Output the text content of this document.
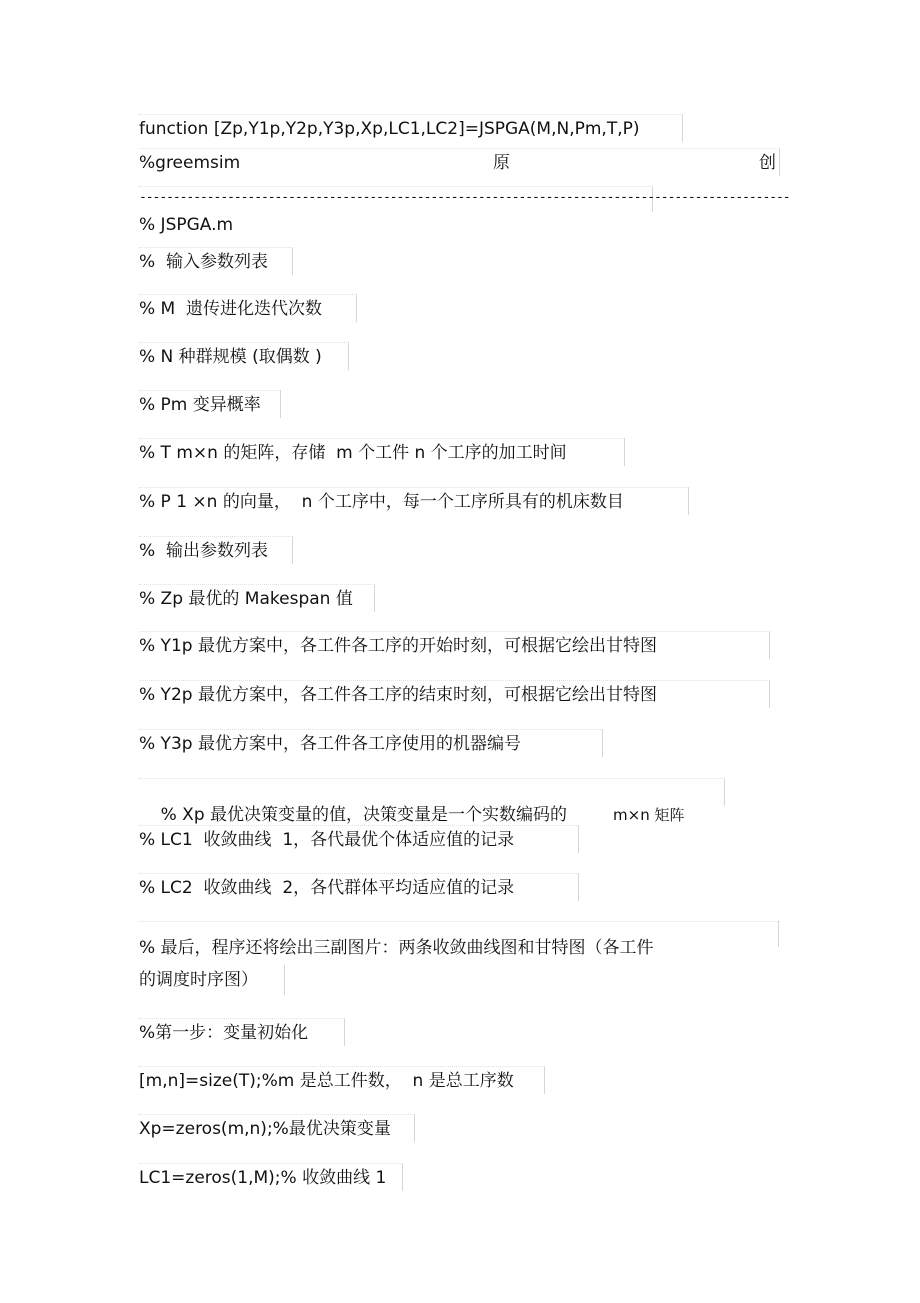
function [Zp,Y1p,Y2p,Y3p,Xp,LC1,LC2]=JSPGA(M,N,Pm,T,P)
%greemsim	原	创
------------------------------------------------------------------------------------------------
% JSPGA.m
%  输入参数列表
% M  遗传进化迭代次数
% N 种群规模 (取偶数 )
% Pm 变异概率
% T m×n 的矩阵，存储  m 个工件 n 个工序的加工时间
% P 1 ×n 的向量，  n 个工序中，每一个工序所具有的机床数目
%  输出参数列表
% Zp 最优的 Makespan 值
% Y1p 最优方案中，各工件各工序的开始时刻，可根据它绘出甘特图
% Y2p 最优方案中，各工件各工序的结束时刻，可根据它绘出甘特图
% Y3p 最优方案中，各工件各工序使用的机器编号

% Xp 最优决策变量的值，决策变量是一个实数编码的	m×n 矩阵

% LC1  收敛曲线  1，各代最优个体适应值的记录
% LC2  收敛曲线  2，各代群体平均适应值的记录
% 最后，程序还将绘出三副图片：两条收敛曲线图和甘特图（各工件
的调度时序图）
%第一步：变量初始化
[m,n]=size(T);%m 是总工件数，  n 是总工序数
Xp=zeros(m,n);%最优决策变量
LC1=zeros(1,M);% 收敛曲线 1
